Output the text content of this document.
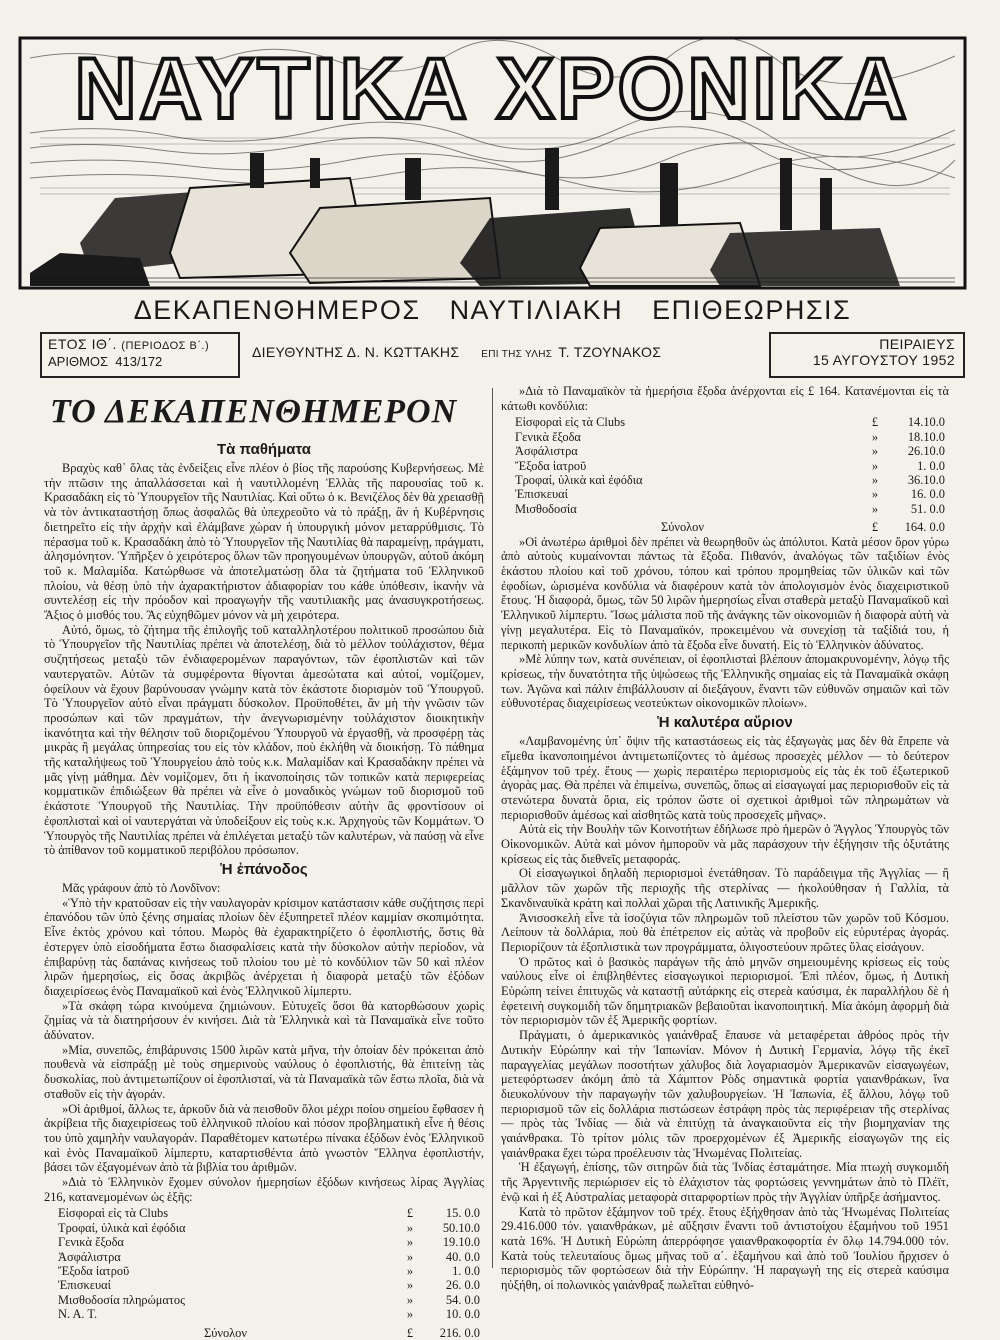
ΝΑΥΤΙΚΑ ΧΡΟΝΙΚΑ
ΔΕΚΑΠΕΝΘΗΜΕΡΟΣ ΝΑΥΤΙΛΙΑΚΗ ΕΠΙΘΕΩΡΗΣΙΣ
ΕΤΟΣ ΙΘ΄. (ΠΕΡΙΟΔΟΣ Β΄.)
ΑΡΙΘΜΟΣ 413/172
ΔΙΕΥΘΥΝΤΗΣ Δ. Ν. ΚΩΤΤΑΚΗΣ ΕΠΙ ΤΗΣ ΥΛΗΣ Τ. ΤΖΟΥΝΑΚΟΣ	ΠΕΙΡΑΙΕΥΣ
15 ΑΥΓΟΥΣΤΟΥ 1952
ΤΟ ΔΕΚΑΠΕΝΘΗΜΕΡΟΝ
Τὰ παθήματα

Βραχὺς καθ᾽ ὅλας τὰς ἐνδείξεις εἶνε πλέον ὁ βίος τῆς παρούσης Κυβερνήσεως. Μὲ τὴν πτῶσιν της ἀπαλλάσσεται καὶ ἡ ναυτιλλομένη Ἑλλὰς τῆς παρουσίας τοῦ κ. Κρασαδάκη εἰς τὸ Ὑπουργεῖον τῆς Ναυτιλίας. Καὶ οὕτω ὁ κ. Βενιζέλος δὲν θὰ χρειασθῇ νὰ τὸν ἀντικαταστήσῃ ὅπως ἀσφαλῶς θὰ ὑπεχρεοῦτο νὰ τὸ πράξῃ, ἂν ἡ Κυβέρνησις διετηρεῖτο εἰς τὴν ἀρχὴν καὶ ἐλάμβανε χώραν ἡ ὑπουργικὴ μόνον μεταρρύθμισις. Τὸ πέρασμα τοῦ κ. Κρασαδάκη ἀπὸ τὸ Ὑπουργεῖον τῆς Ναυτιλίας θὰ παραμείνῃ, πράγματι, ἀλησμόνητον. Ὑπῆρξεν ὁ χειρότερος ὅλων τῶν προηγουμένων ὑπουργῶν, αὐτοῦ ἀκόμη τοῦ κ. Μαλαμίδα. Κατώρθωσε νὰ ἀποτελματώσῃ ὅλα τὰ ζητήματα τοῦ Ἑλληνικοῦ πλοίου, νὰ θέσῃ ὑπὸ τὴν ἀχαρακτήριστον ἀδιαφορίαν του κάθε ὑπόθεσιν, ἱκανὴν νὰ συντελέσῃ εἰς τὴν πρόοδον καὶ προαγωγὴν τῆς ναυτιλιακῆς μας ἀνασυγκροτήσεως. Ἄξιος ὁ μισθός του. Ἂς εὐχηθῶμεν μόνον νὰ μὴ χειρότερα.

Αὐτό, ὅμως, τὸ ζήτημα τῆς ἐπιλογῆς τοῦ καταλληλοτέρου πολιτικοῦ προσώπου διὰ τὸ Ὑπουργεῖον τῆς Ναυτιλίας πρέπει νὰ ἀποτελέσῃ, διὰ τὸ μέλλον τοὐλάχιστον, θέμα συζητήσεως μεταξὺ τῶν ἐνδιαφερομένων παραγόντων, τῶν ἐφοπλιστῶν καὶ τῶν ναυτεργατῶν. Αὐτῶν τὰ συμφέροντα θίγονται ἀμεσώτατα καὶ αὐτοί, νομίζομεν, ὀφείλουν νὰ ἔχουν βαρύνουσαν γνώμην κατὰ τὸν ἑκάστοτε διορισμὸν τοῦ Ὑπουργοῦ. Τὸ Ὑπουργεῖον αὐτὸ εἶναι πράγματι δύσκολον. Προϋποθέτει, ἂν μὴ τὴν γνῶσιν τῶν προσώπων καὶ τῶν πραγμάτων, τὴν ἀνεγνωρισμένην τοὐλάχιστον διοικητικὴν ἱκανότητα καὶ τὴν θέλησιν τοῦ διοριζομένου Ὑπουργοῦ νὰ ἐργασθῇ, νὰ προσφέρῃ τὰς μικρὰς ἢ μεγάλας ὑπηρεσίας του εἰς τὸν κλάδον, ποὺ ἐκλήθη νὰ διοικήσῃ. Τὸ πάθημα τῆς καταλήψεως τοῦ Ὑπουργείου ἀπὸ τοὺς κ.κ. Μαλαμίδαν καὶ Κρασαδάκην πρέπει νὰ μᾶς γίνῃ μάθημα. Δὲν νομίζομεν, ὅτι ἡ ἱκανοποίησις τῶν τοπικῶν κατὰ περιφερείας κομματικῶν ἐπιδιώξεων θὰ πρέπει νὰ εἶνε ὁ μοναδικὸς γνώμων τοῦ διορισμοῦ τοῦ ἑκάστοτε Ὑπουργοῦ τῆς Ναυτιλίας. Τὴν προϋπόθεσιν αὐτὴν ἂς φροντίσουν οἱ ἐφοπλισταὶ καὶ οἱ ναυτεργάται νὰ ὑποδείξουν εἰς τοὺς κ.κ. Ἀρχηγοὺς τῶν Κομμάτων. Ὁ Ὑπουργὸς τῆς Ναυτιλίας πρέπει νὰ ἐπιλέγεται μεταξὺ τῶν καλυτέρων, νὰ παύσῃ νὰ εἶνε τὸ ἀπίθανον τοῦ κομματικοῦ περιβόλου πρόσωπον.

Ἡ ἐπάνοδος

Μᾶς γράφουν ἀπὸ τὸ Λονδῖνον:

«Ὑπὸ τὴν κρατοῦσαν εἰς τὴν ναυλαγορὰν κρίσιμον κατάστασιν κάθε συζήτησις περὶ ἐπανόδου τῶν ὑπὸ ξένης σημαίας πλοίων δὲν ἐξυπηρετεῖ πλέον καμμίαν σκοπιμότητα. Εἶνε ἐκτὸς χρόνου καὶ τόπου. Μωρὸς θὰ ἐχαρακτηρίζετο ὁ ἐφοπλιστής, ὅστις θὰ ἐστεργεν ὑπὸ εἰσοδήματα ἔστω διασφαλίσεις κατὰ τὴν δύσκολον αὐτὴν περίοδον, νὰ ἐπιβαρύνῃ τὰς δαπάνας κινήσεως τοῦ πλοίου του μὲ τὸ κονδύλιον τῶν 50 καὶ πλέον λιρῶν ἡμερησίως, εἰς ὅσας ἀκριβῶς ἀνέρχεται ἡ διαφορὰ μεταξὺ τῶν ἐξόδων διαχειρίσεως ἑνὸς Παναμαϊκοῦ καὶ ἑνὸς Ἑλληνικοῦ λίμπερτυ.

»Τὰ σκάφη τώρα κινούμενα ζημιώνουν. Εὐτυχεῖς ὅσοι θὰ κατορθώσουν χωρὶς ζημίας νὰ τὰ διατηρήσουν ἐν κινήσει. Διὰ τὰ Ἑλληνικὰ καὶ τὰ Παναμαϊκὰ εἶνε τοῦτο ἀδύνατον.

»Μία, συνεπῶς, ἐπιβάρυνσις 1500 λιρῶν κατὰ μῆνα, τὴν ὁποίαν δὲν πρόκειται ἀπὸ πουθενὰ νὰ εἰσπράξῃ μὲ τοὺς σημερινοὺς ναύλους ὁ ἐφοπλιστής, θὰ ἐπιτείνῃ τὰς δυσκολίας, ποὺ ἀντιμετωπίζουν οἱ ἐφοπλισταί, νὰ τὰ Παναμαϊκὰ τῶν ἔστω πλοῖα, διὰ νὰ σταθοῦν εἰς τὴν ἀγοράν.

»Οἱ ἀριθμοί, ἄλλως τε, ἀρκοῦν διὰ νὰ πεισθοῦν ὅλοι μέχρι ποίου σημείου ἔφθασεν ἡ ἀκρίβεια τῆς διαχειρίσεως τοῦ ἑλληνικοῦ πλοίου καὶ πόσον προβληματικὴ εἶνε ἡ θέσις του ὑπὸ χαμηλὴν ναυλαγοράν. Παραθέτομεν κατωτέρω πίνακα ἐξόδων ἑνὸς Ἑλληνικοῦ καὶ ἑνὸς Παναμαϊκοῦ λίμπερτυ, καταρτισθέντα ἀπὸ γνωστὸν Ἕλληνα ἐφοπλιστήν, βάσει τῶν ἐξαγομένων ἀπὸ τὰ βιβλία του ἀριθμῶν.

»Διὰ τὸ Ἑλληνικὸν ἔχομεν σύνολον ἡμερησίων ἐξόδων κινήσεως λίρας Ἀγγλίας 216, κατανεμομένων ὡς ἑξῆς:

Εἰσφοραὶ εἰς τὰ Clubs	£	15. 0.0
Τροφαί, ὑλικὰ καὶ ἐφόδια	»	50.10.0
Γενικὰ ἔξοδα	»	19.10.0
Ἀσφάλιστρα	»	40. 0.0
Ἔξοδα ἰατροῦ	»	1. 0.0
Ἐπισκευαί	»	26. 0.0
Μισθοδοσία πληρώματος	»	54. 0.0
Ν. Α. Τ.	»	10. 0.0
Σύνολον	£	216. 0.0

»Διὰ τὸ Παναμαϊκὸν τὰ ἡμερήσια ἔξοδα ἀνέρχονται εἰς £ 164. Κατανέμονται εἰς τὰ κάτωθι κονδύλια:

Εἰσφοραὶ εἰς τὰ Clubs	£	14.10.0
Γενικὰ ἔξοδα	»	18.10.0
Ἀσφάλιστρα	»	26.10.0
Ἔξοδα ἰατροῦ	»	1. 0.0
Τροφαί, ὑλικὰ καὶ ἐφόδια	»	36.10.0
Ἐπισκευαί	»	16. 0.0
Μισθοδοσία	»	51. 0.0
Σύνολον	£	164. 0.0

»Οἱ ἀνωτέρω ἀριθμοὶ δὲν πρέπει νὰ θεωρηθοῦν ὡς ἀπόλυτοι. Κατὰ μέσον ὅρον γύρω ἀπὸ αὐτοὺς κυμαίνονται πάντως τὰ ἔξοδα. Πιθανόν, ἀναλόγως τῶν ταξιδίων ἑνὸς ἑκάστου πλοίου καὶ τοῦ χρόνου, τόπου καὶ τρόπου προμηθείας τῶν ὑλικῶν καὶ τῶν ἐφοδίων, ὡρισμένα κονδύλια νὰ διαφέρουν κατὰ τὸν ἀπολογισμὸν ἑνὸς διαχειριστικοῦ ἔτους. Ἡ διαφορά, ὅμως, τῶν 50 λιρῶν ἡμερησίως εἶναι σταθερὰ μεταξὺ Παναμαϊκοῦ καὶ Ἑλληνικοῦ λίμπερτυ. Ἴσως μάλιστα ποῦ τῆς ἀνάγκης τῶν οἰκονομιῶν ἡ διαφορὰ αὐτὴ νὰ γίνῃ μεγαλυτέρα. Εἰς τὸ Παναμαϊκόν, προκειμένου νὰ συνεχίσῃ τὰ ταξίδιά του, ἡ περικοπὴ μερικῶν κονδυλίων ἀπὸ τὰ ἔξοδα εἶνε δυνατή. Εἰς τὸ Ἑλληνικὸν ἀδύνατος.

»Μὲ λύπην των, κατὰ συνέπειαν, οἱ ἐφοπλισταὶ βλέπουν ἀπομακρυνομένην, λόγῳ τῆς κρίσεως, τὴν δυνατότητα τῆς ὑψώσεως τῆς Ἑλληνικῆς σημαίας εἰς τὰ Παναμαϊκὰ σκάφη των. Ἀγῶνα καὶ πάλιν ἐπιβάλλουσιν αἱ διεξάγουν, ἔναντι τῶν εὐθυνῶν σημαιῶν καὶ τῶν εὐθυνοτέρας διαχειρίσεως νεοτεύκτων οἰκονομικῶν πλοίων».

Ἡ καλυτέρα αὔριον

«Λαμβανομένης ὑπ᾽ ὄψιν τῆς καταστάσεως εἰς τὰς ἐξαγωγὰς μας δὲν θὰ ἔπρεπε νὰ εἴμεθα ἱκανοποιημένοι ἀντιμετωπίζοντες τὸ ἀμέσως προσεχὲς μέλλον — τὸ δεύτερον ἑξάμηνον τοῦ τρέχ. ἔτους — χωρὶς περαιτέρω περιορισμοὺς εἰς τὰς ἐκ τοῦ ἐξωτερικοῦ ἀγορὰς μας. Θὰ πρέπει νὰ ἐπιμείνω, συνεπῶς, ὅπως αἱ εἰσαγωγαί μας περιορισθοῦν εἰς τὰ στενώτερα δυνατὰ ὅρια, εἰς τρόπον ὥστε οἱ σχετικοὶ ἀριθμοὶ τῶν πληρωμάτων νὰ περιορισθοῦν ἀμέσως καὶ αἰσθητῶς κατὰ τοὺς προσεχεῖς μῆνας».

Αὐτὰ εἰς τὴν Βουλὴν τῶν Κοινοτήτων ἐδήλωσε πρὸ ἡμερῶν ὁ Ἄγγλος Ὑπουργὸς τῶν Οἰκονομικῶν. Αὐτὰ καὶ μόνον ἠμποροῦν νὰ μᾶς παράσχουν τὴν ἐξήγησιν τῆς ὀξυτάτης κρίσεως εἰς τὰς διεθνεῖς μεταφοράς.

Οἱ εἰσαγωγικοὶ δηλαδὴ περιορισμοὶ ἐνετάθησαν. Τὸ παράδειγμα τῆς Ἀγγλίας — ἢ μᾶλλον τῶν χωρῶν τῆς περιοχῆς τῆς στερλίνας — ἠκολούθησαν ἡ Γαλλία, τὰ Σκανδιναυϊκὰ κράτη καὶ πολλαὶ χῶραι τῆς Λατινικῆς Ἀμερικῆς.

Ἀνισοσκελὴ εἶνε τὰ ἰσοζύγια τῶν πληρωμῶν τοῦ πλείστου τῶν χωρῶν τοῦ Κόσμου. Λείπουν τὰ δολλάρια, ποὺ θὰ ἐπέτρεπον εἰς αὐτὰς νὰ προβοῦν εἰς εὐρυτέρας ἀγοράς. Περιορίζουν τὰ ἐξοπλιστικὰ των προγράμματα, ὀλιγοστεύουν πρῶτες ὕλας εἰσάγουν.

Ὁ πρῶτος καὶ ὁ βασικὸς παράγων τῆς ἀπὸ μηνῶν σημειουμένης κρίσεως εἰς τοὺς ναύλους εἶνε οἱ ἐπιβληθέντες εἰσαγωγικοὶ περιορισμοί. Ἐπὶ πλέον, ὅμως, ἡ Δυτικὴ Εὐρώπη τείνει ἐπιτυχῶς νὰ καταστῇ αὐτάρκης εἰς στερεὰ καύσιμα, ἐκ παραλλήλου δὲ ἡ ἐφετεινὴ συγκομιδὴ τῶν δημητριακῶν βεβαιοῦται ἱκανοποιητική. Μία ἀκόμη ἀφορμὴ διὰ τὸν περιορισμὸν τῶν ἐξ Ἀμερικῆς φορτίων.

Πράγματι, ὁ ἀμερικανικὸς γαιάνθραξ ἔπαυσε νὰ μεταφέρεται ἀθρόος πρὸς τὴν Δυτικὴν Εὐρώπην καὶ τὴν Ἰαπωνίαν. Μόνον ἡ Δυτικὴ Γερμανία, λόγῳ τῆς ἐκεῖ παραγγελίας μεγάλων ποσοτήτων χάλυβος διὰ λογαριασμὸν Ἀμερικανῶν εἰσαγωγέων, μετεφόρτωσεν ἀκόμη ἀπὸ τὰ Χάμπτον Ρὸδς σημαντικὰ φορτία γαιανθράκων, ἵνα διευκολύνουν τὴν παραγωγὴν τῶν χαλυβουργείων. Ἡ Ἰαπωνία, ἐξ ἄλλου, λόγῳ τοῦ περιορισμοῦ τῶν εἰς δολλάρια πιστώσεων ἐστράφη πρὸς τὰς περιφέρειαν τῆς στερλίνας — πρὸς τὰς Ἰνδίας — διὰ νὰ ἐπιτύχῃ τὰ ἀναγκαιοῦντα εἰς τὴν βιομηχανίαν της γαιάνθρακα. Τὸ τρίτον μόλις τῶν προερχομένων ἐξ Ἀμερικῆς εἰσαγωγῶν της εἰς γαιάνθρακα ἔχει τώρα προέλευσιν τὰς Ἡνωμένας Πολιτείας.

Ἡ ἐξαγωγή, ἐπίσης, τῶν σιτηρῶν διὰ τὰς Ἰνδίας ἐσταμάτησε. Μία πτωχὴ συγκομιδὴ τῆς Ἀργεντινῆς περιώρισεν εἰς τὸ ἐλάχιστον τὰς φορτώσεις γεννημάτων ἀπὸ τὸ Πλέϊτ, ἐνῷ καὶ ἡ ἐξ Αὐστραλίας μεταφορὰ σιταρφορτίων πρὸς τὴν Ἀγγλίαν ὑπῆρξε ἀσήμαντος.

Κατὰ τὸ πρῶτον ἑξάμηνον τοῦ τρέχ. ἔτους ἐξήχθησαν ἀπὸ τὰς Ἡνωμένας Πολιτείας 29.416.000 τόν. γαιανθράκων, μὲ αὔξησιν ἔναντι τοῦ ἀντιστοίχου ἑξαμήνου τοῦ 1951 κατὰ 16%. Ἡ Δυτικὴ Εὐρώπη ἀπερρόφησε γαιανθρακοφορτία ἐν ὅλῳ 14.794.000 τόν. Κατὰ τοὺς τελευταίους ὅμως μῆνας τοῦ α΄. ἑξαμήνου καὶ ἀπὸ τοῦ Ἰουλίου ἤρχισεν ὁ περιορισμὸς τῶν φορτώσεων διὰ τὴν Εὐρώπην. Ἡ παραγωγὴ της εἰς στερεὰ καύσιμα ηὐξήθη, οἱ πολωνικὸς γαιάνθραξ πωλεῖται εὐθηνό-
